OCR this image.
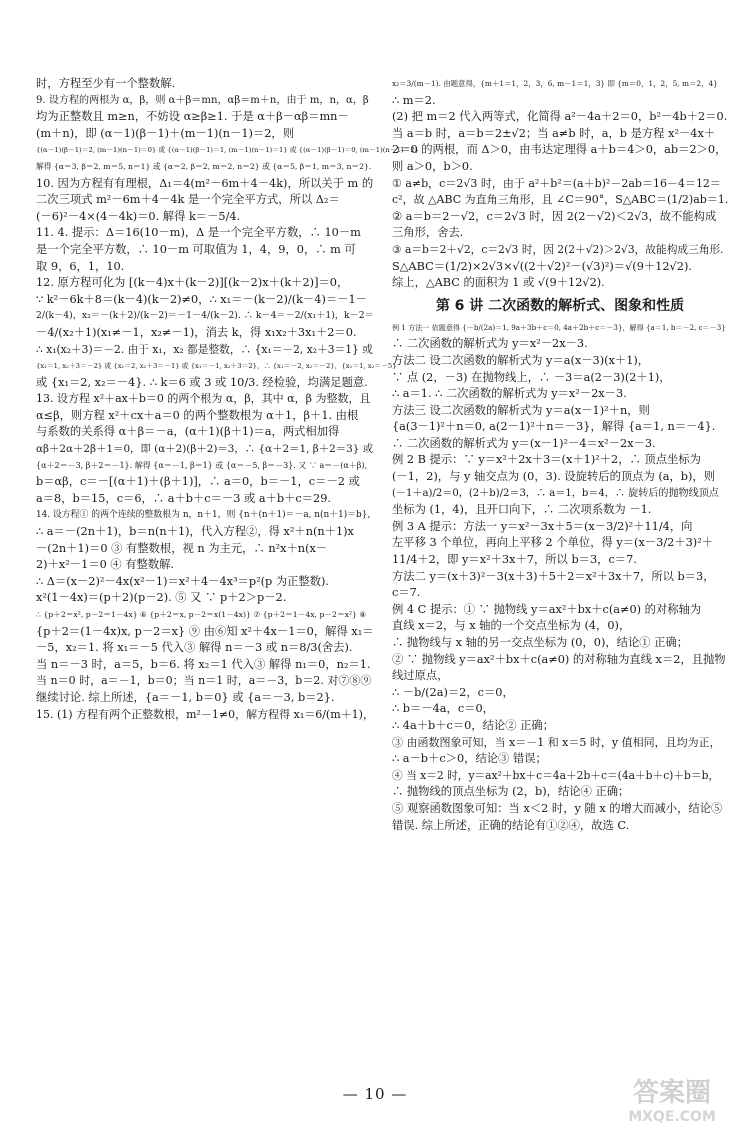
时，方程至少有一个整数解.
9. 设方程的两根为 α，β，则 α＋β＝mn，αβ＝m＋n，由于 m，n，α，β
均为正整数且 m≥n，不妨设 α≥β≥1. 于是 α＋β－αβ＝mn－
(m＋n)，即 (α－1)(β－1)＋(m－1)(n－1)＝2，则
{(α－1)(β－1)＝2, (m－1)(n－1)＝0} 或 {(α－1)(β－1)＝1, (m－1)(n－1)＝1} 或 {(α－1)(β－1)＝0, (m－1)(n－1)＝2}
解得 {α＝3, β＝2, m＝5, n＝1} 或 {α＝2, β＝2, m＝2, n＝2} 或 {α＝5, β＝1, m＝3, n＝2}.
10. 因为方程有有理根，Δ₁＝4(m²－6m＋4－4k)，所以关于 m 的
二次三项式 m²－6m＋4－4k 是一个完全平方式，所以 Δ₂＝
(－6)²－4×(4－4k)＝0. 解得 k＝－5/4.
11. 4. 提示：Δ＝16(10－m)，Δ 是一个完全平方数，∴ 10－m
是一个完全平方数，∴ 10－m 可取值为 1，4，9，0，∴ m 可
取 9，6，1，10.
12. 原方程可化为 [(k－4)x＋(k－2)][(k－2)x＋(k＋2)]＝0，
∵ k²－6k＋8＝(k－4)(k－2)≠0，∴ x₁＝－(k－2)/(k－4)＝－1－
2/(k－4)，x₂＝－(k＋2)/(k－2)＝－1－4/(k－2). ∴ k－4＝－2/(x₁＋1)，k－2＝
－4/(x₂＋1)(x₁≠－1，x₂≠－1)，消去 k，得 x₁x₂＋3x₁＋2＝0.
∴ x₁(x₂＋3)＝－2. 由于 x₁，x₂ 都是整数，∴ {x₁＝－2, x₂＋3＝1} 或
{x₁＝1, x₂＋3＝－2} 或 {x₁＝2, x₂＋3＝－1} 或 {x₁＝－1, x₂＋3＝2}，∴ {x₁＝－2, x₂＝－2}，{x₁＝1, x₂＝－5}
或 {x₁＝2, x₂＝－4}. ∴ k＝6 或 3 或 10/3. 经检验，均满足题意.
13. 设方程 x²＋ax＋b＝0 的两个根为 α，β，其中 α，β 为整数，且
α≤β，则方程 x²＋cx＋a＝0 的两个整数根为 α＋1，β＋1. 由根
与系数的关系得 α＋β＝－a，(α＋1)(β＋1)＝a，两式相加得
αβ＋2α＋2β＋1＝0，即 (α＋2)(β＋2)＝3，∴ {α＋2＝1, β＋2＝3} 或
{α＋2＝－3, β＋2＝－1}. 解得 {α＝－1, β＝1} 或 {α＝－5, β＝－3}. 又 ∵ a＝－(α＋β)，
b＝αβ，c＝－[(α＋1)＋(β＋1)]，∴ a＝0，b＝－1，c＝－2 或
a＝8，b＝15，c＝6，∴ a＋b＋c＝－3 或 a＋b＋c＝29.
14. 设方程① 的两个连续的整数根为 n，n＋1，则 {n＋(n＋1)＝－a, n(n＋1)＝b}，
∴ a＝－(2n＋1)，b＝n(n＋1)，代入方程②，得 x²＋n(n＋1)x
－(2n＋1)＝0 ③ 有整数根，视 n 为主元，∴ n²x＋n(x－
2)＋x²－1＝0 ④ 有整数解.
∴ Δ＝(x－2)²－4x(x²－1)＝x²＋4－4x³＝p²(p 为正整数).
x²(1－4x)＝(p＋2)(p－2). ⑤ 又 ∵ p＋2＞p－2.
∴ {p＋2＝x², p－2＝1－4x} ⑥ {p＋2＝x, p－2＝x(1－4x)} ⑦ {p＋2＝1－4x, p－2＝x²} ⑧
{p＋2＝(1－4x)x, p－2＝x} ⑨ 由⑥知 x²＋4x－1＝0，解得 x₁＝
－5，x₂＝1. 将 x₁＝－5 代入③ 解得 n＝－3 或 n＝8/3(舍去).
当 n＝－3 时，a＝5，b＝6. 将 x₂＝1 代入③ 解得 n₁＝0，n₂＝1.
当 n＝0 时，a＝－1，b＝0；当 n＝1 时，a＝－3，b＝2. 对⑦⑧⑨
继续讨论. 综上所述，{a＝－1, b＝0} 或 {a＝－3, b＝2}.
15. (1) 方程有两个正整数根，m²－1≠0，解方程得 x₁＝6/(m＋1)，
x₂＝3/(m－1). 由题意得，{m＋1＝1，2，3，6, m－1＝1，3} 即 {m＝0，1，2，5, m＝2，4}
∴ m＝2.
(2) 把 m＝2 代入两等式，化简得 a²－4a＋2＝0，b²－4b＋2＝0.
当 a＝b 时，a＝b＝2±√2；当 a≠b 时，a，b 是方程 x²－4x＋
2＝0 的两根，而 Δ＞0，由韦达定理得 a＋b＝4＞0，ab＝2＞0，
则 a＞0，b＞0.
① a≠b，c＝2√3 时，由于 a²＋b²＝(a＋b)²－2ab＝16－4＝12＝
c²，故 △ABC 为直角三角形，且 ∠C＝90°，S△ABC＝(1/2)ab＝1.
② a＝b＝2－√2，c＝2√3 时，因 2(2－√2)＜2√3，故不能构成
三角形，舍去.
③ a＝b＝2＋√2，c＝2√3 时，因 2(2＋√2)＞2√3，故能构成三角形.
S△ABC＝(1/2)×2√3×√((2＋√2)²－(√3)²)＝√(9＋12√2).
综上，△ABC 的面积为 1 或 √(9＋12√2).
第 6 讲 二次函数的解析式、图象和性质
例 1 方法一 依题意得 {－b/(2a)＝1, 9a＋3b＋c＝0, 4a＋2b＋c＝－3}，解得 {a＝1, b＝－2, c＝－3}
∴ 二次函数的解析式为 y＝x²－2x－3.
方法二 设二次函数的解析式为 y＝a(x－3)(x＋1)，
∵ 点 (2，－3) 在抛物线上，∴ －3＝a(2－3)(2＋1)，
∴ a＝1. ∴ 二次函数的解析式为 y＝x²－2x－3.
方法三 设二次函数的解析式为 y＝a(x－1)²＋n，则
{a(3－1)²＋n＝0, a(2－1)²＋n＝－3}，解得 {a＝1, n＝－4}.
∴ 二次函数的解析式为 y＝(x－1)²－4＝x²－2x－3.
例 2 B 提示：∵ y＝x²＋2x＋3＝(x＋1)²＋2，∴ 顶点坐标为
(－1，2)，与 y 轴交点为 (0，3). 设旋转后的顶点为 (a，b)，则
(－1＋a)/2＝0，(2＋b)/2＝3，∴ a＝1，b＝4，∴ 旋转后的抛物线顶点
坐标为 (1，4)，且开口向下，∴ 二次项系数为 －1.
例 3 A 提示：方法一 y＝x²－3x＋5＝(x－3/2)²＋11/4，向
左平移 3 个单位，再向上平移 2 个单位，得 y＝(x－3/2＋3)²＋
11/4＋2，即 y＝x²＋3x＋7，所以 b＝3，c＝7.
方法二 y＝(x＋3)²－3(x＋3)＋5＋2＝x²＋3x＋7，所以 b＝3，
c＝7.
例 4 C 提示：① ∵ 抛物线 y＝ax²＋bx＋c(a≠0) 的对称轴为
直线 x＝2，与 x 轴的一个交点坐标为 (4，0)，
∴ 抛物线与 x 轴的另一交点坐标为 (0，0)，结论① 正确；
② ∵ 抛物线 y＝ax²＋bx＋c(a≠0) 的对称轴为直线 x＝2，且抛物
线过原点，
∴ －b/(2a)＝2，c＝0，
∴ b＝－4a，c＝0，
∴ 4a＋b＋c＝0，结论② 正确；
③ 由函数图象可知，当 x＝－1 和 x＝5 时，y 值相同，且均为正，
∴ a－b＋c＞0，结论③ 错误；
④ 当 x＝2 时，y＝ax²＋bx＋c＝4a＋2b＋c＝(4a＋b＋c)＋b＝b，
∴ 抛物线的顶点坐标为 (2，b)，结论④ 正确；
⑤ 观察函数图象可知：当 x＜2 时，y 随 x 的增大而减小，结论⑤
错误. 综上所述，正确的结论有①②④，故选 C.
— 10 —	答案圈
MXQE.COM
